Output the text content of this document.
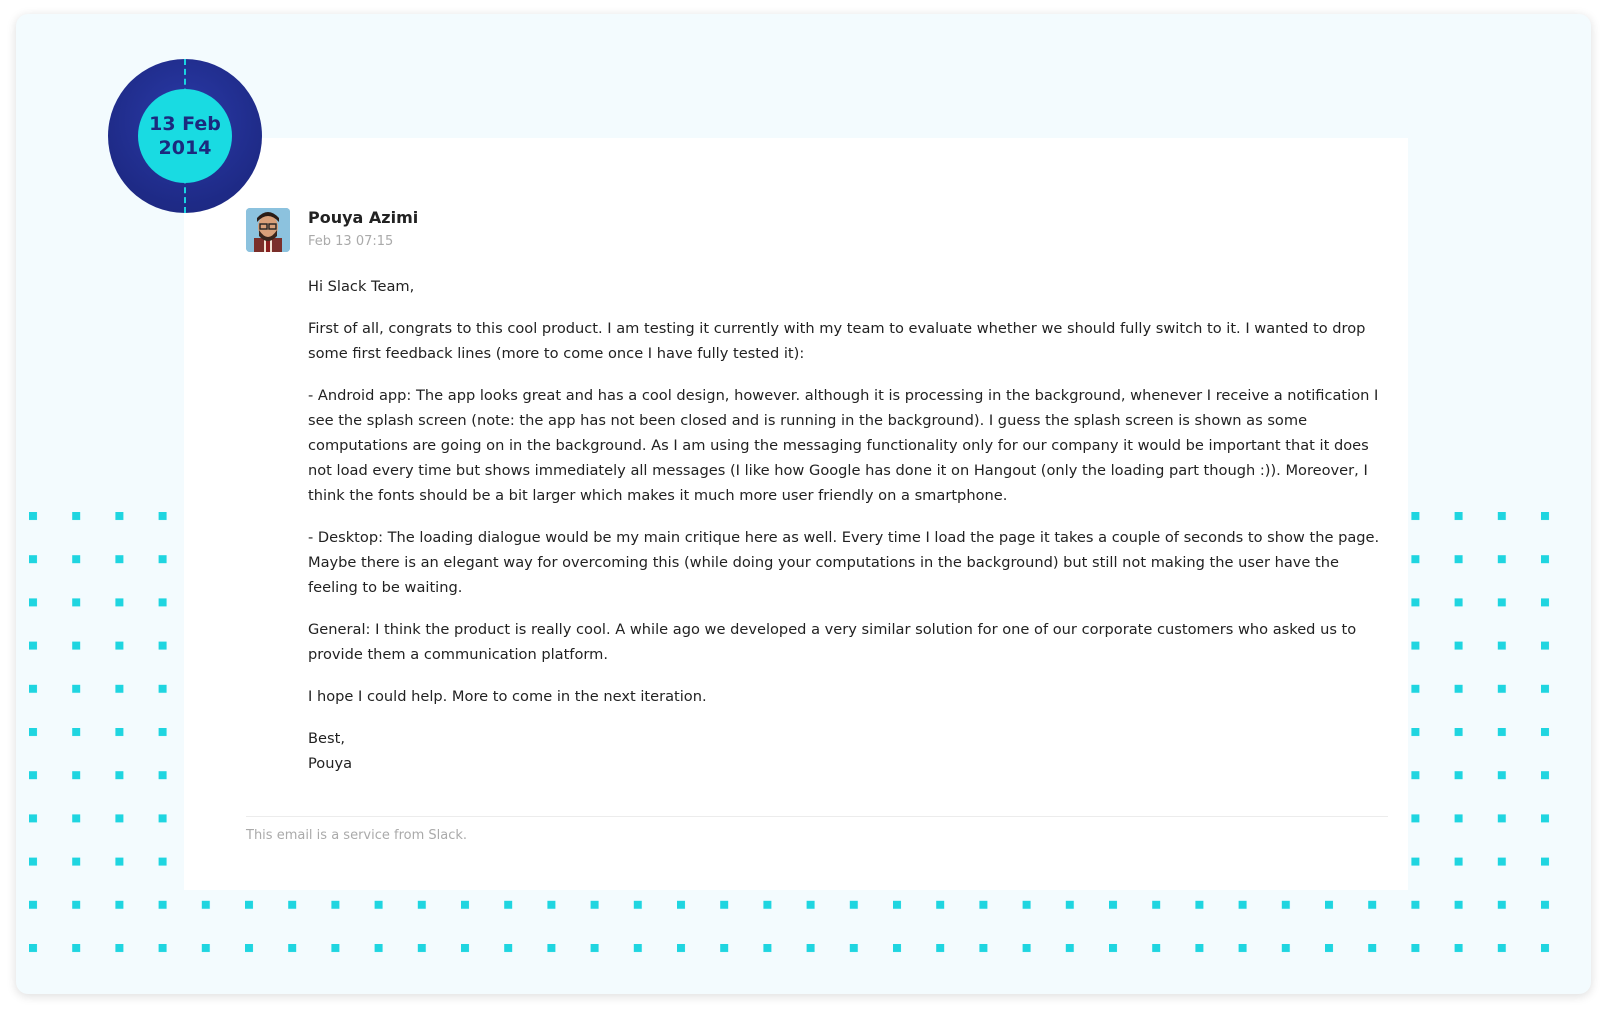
Pouya Azimi
Feb 13 07:15

Hi Slack Team,

First of all, congrats to this cool product. I am testing it currently with my team to evaluate whether we should fully switch to it. I wanted to drop some first feedback lines (more to come once I have fully tested it):

- Android app: The app looks great and has a cool design, however. although it is processing in the background, whenever I receive a notification I see the splash screen (note: the app has not been closed and is running in the background). I guess the splash screen is shown as some computations are going on in the background. As I am using the messaging functionality only for our company it would be important that it does not load every time but shows immediately all messages (I like how Google has done it on Hangout (only the loading part though :)). Moreover, I think the fonts should be a bit larger which makes it much more user friendly on a smartphone.

- Desktop: The loading dialogue would be my main critique here as well. Every time I load the page it takes a couple of seconds to show the page. Maybe there is an elegant way for overcoming this (while doing your computations in the background) but still not making the user have the feeling to be waiting.

General: I think the product is really cool. A while ago we developed a very similar solution for one of our corporate customers who asked us to provide them a communication platform.

I hope I could help. More to come in the next iteration.

Best,
Pouya

This email is a service from Slack.
13 Feb
2014
